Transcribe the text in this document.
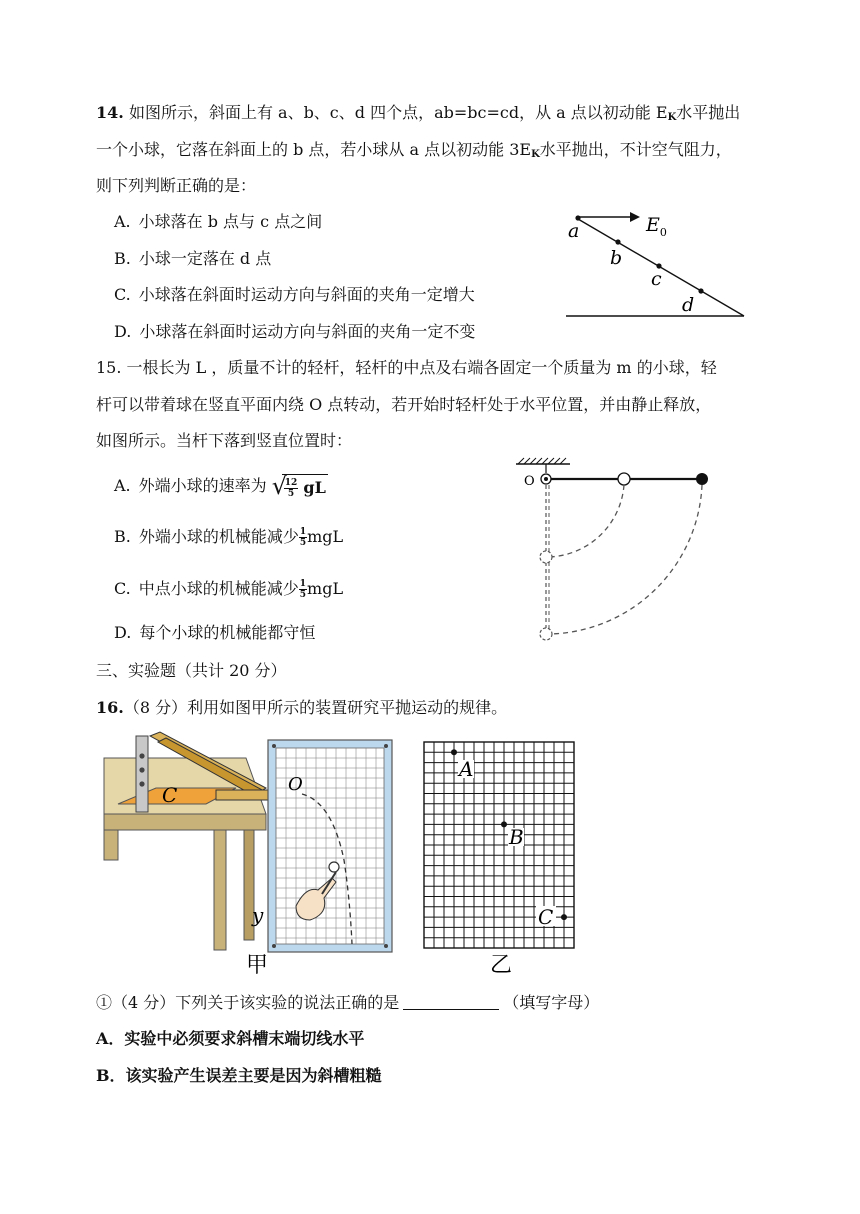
14. 如图所示，斜面上有 a、b、c、d 四个点，ab=bc=cd，从 a 点以初动能 $E_K$水平抛出
一个小球，它落在斜面上的 b 点，若小球从 a 点以初动能 $3E_K$水平抛出，不计空气阻力，
则下列判断正确的是：
A. 小球落在 b 点与 c 点之间
B. 小球一定落在 d 点
C. 小球落在斜面时运动方向与斜面的夹角一定增大
D. 小球落在斜面时运动方向与斜面的夹角一定不变
a
b
c
d
$E_0$
15. 一根长为 L ，质量不计的轻杆，轻杆的中点及右端各固定一个质量为 m 的小球，轻
杆可以带着球在竖直平面内绕 O 点转动，若开始时轻杆处于水平位置，并由静止释放，
如图所示。当杆下落到竖直位置时：
A. 外端小球的速率为 √
$\frac{12}{5}$ gL
B. 外端小球的机械能减少 $\frac{1}{5}$ mgL
C. 中点小球的机械能减少 $\frac{1}{5}$ mgL
D. 每个小球的机械能都守恒
O
三、实验题（共计 20 分）
16.（8 分）利用如图甲所示的装置研究平抛运动的规律。
C	O
y
甲
A
B
C
乙
①（4 分）下列关于该实验的说法正确的是	（填写字母）
A．实验中必须要求斜槽末端切线水平
B．该实验产生误差主要是因为斜槽粗糙
